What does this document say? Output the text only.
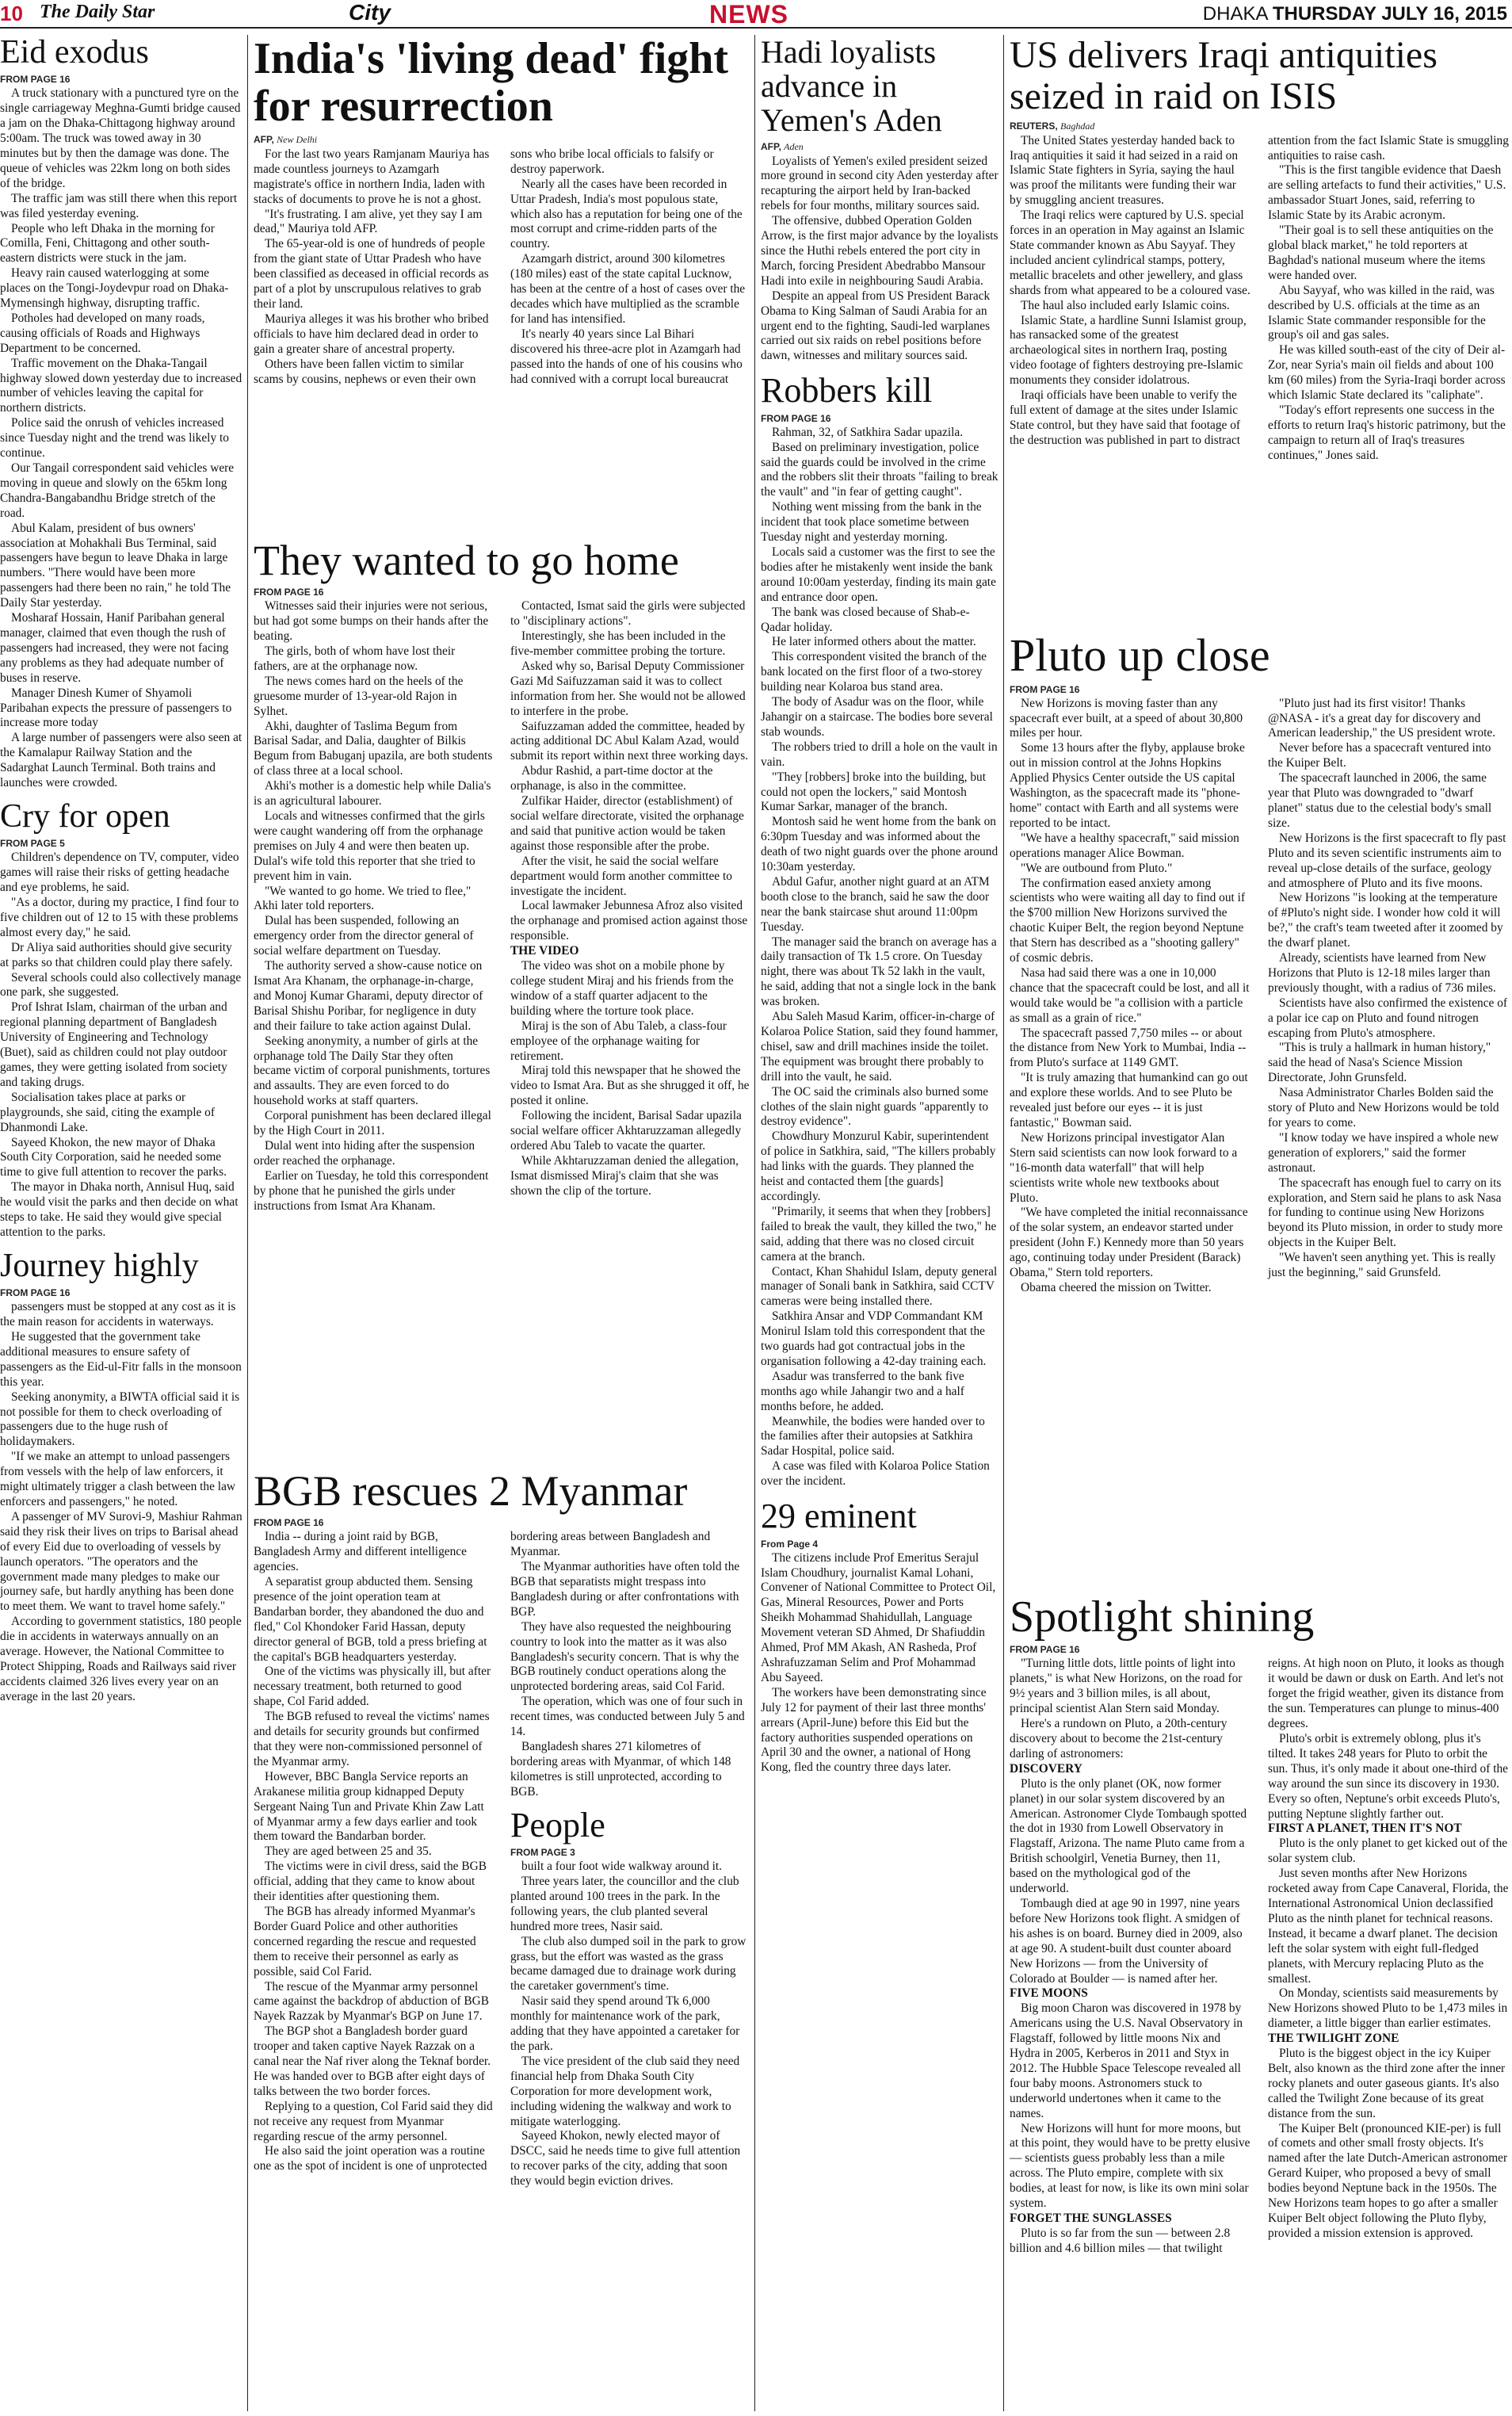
10 The Daily Star	City	NEWS	DHAKA THURSDAY JULY 16, 2015
Eid exodus
FROM PAGE 16

A truck stationary with a punctured tyre on the single carriageway Meghna-Gumti bridge caused a jam on the Dhaka-Chittagong highway around 5:00am. The truck was towed away in 30 minutes but by then the damage was done. The queue of vehicles was 22km long on both sides of the bridge.

The traffic jam was still there when this report was filed yesterday evening.

People who left Dhaka in the morning for Comilla, Feni, Chittagong and other south-eastern districts were stuck in the jam.

Heavy rain caused waterlogging at some places on the Tongi-Joydevpur road on Dhaka-Mymensingh highway, disrupting traffic.

Potholes had developed on many roads, causing officials of Roads and Highways Department to be concerned.

Traffic movement on the Dhaka-Tangail highway slowed down yesterday due to increased number of vehicles leaving the capital for northern districts.

Police said the onrush of vehicles increased since Tuesday night and the trend was likely to continue.

Our Tangail correspondent said vehicles were moving in queue and slowly on the 65km long Chandra-Bangabandhu Bridge stretch of the road.

Abul Kalam, president of bus owners' association at Mohakhali Bus Terminal, said passengers have begun to leave Dhaka in large numbers. "There would have been more passengers had there been no rain," he told The Daily Star yesterday.

Mosharaf Hossain, Hanif Paribahan general manager, claimed that even though the rush of passengers had increased, they were not facing any problems as they had adequate number of buses in reserve.

Manager Dinesh Kumer of Shyamoli Paribahan expects the pressure of passengers to increase more today

A large number of passengers were also seen at the Kamalapur Railway Station and the Sadarghat Launch Terminal. Both trains and launches were crowded.

Cry for open
FROM PAGE 5

Children's dependence on TV, computer, video games will raise their risks of getting headache and eye problems, he said.

"As a doctor, during my practice, I find four to five children out of 12 to 15 with these problems almost every day," he said.

Dr Aliya said authorities should give security at parks so that children could play there safely.

Several schools could also collectively manage one park, she suggested.

Prof Ishrat Islam, chairman of the urban and regional planning department of Bangladesh University of Engineering and Technology (Buet), said as children could not play outdoor games, they were getting isolated from society and taking drugs.

Socialisation takes place at parks or playgrounds, she said, citing the example of Dhanmondi Lake.

Sayeed Khokon, the new mayor of Dhaka South City Corporation, said he needed some time to give full attention to recover the parks.

The mayor in Dhaka north, Annisul Huq, said he would visit the parks and then decide on what steps to take. He said they would give special attention to the parks.

Journey highly
FROM PAGE 16

passengers must be stopped at any cost as it is the main reason for accidents in waterways.

He suggested that the government take additional measures to ensure safety of passengers as the Eid-ul-Fitr falls in the monsoon this year.

Seeking anonymity, a BIWTA official said it is not possible for them to check overloading of passengers due to the huge rush of holidaymakers.

"If we make an attempt to unload passengers from vessels with the help of law enforcers, it might ultimately trigger a clash between the law enforcers and passengers," he noted.

A passenger of MV Surovi-9, Mashiur Rahman said they risk their lives on trips to Barisal ahead of every Eid due to overloading of vessels by launch operators. "The operators and the government made many pledges to make our journey safe, but hardly anything has been done to meet them. We want to travel home safely."

According to government statistics, 180 people die in accidents in waterways annually on an average. However, the National Committee to Protect Shipping, Roads and Railways said river accidents claimed 326 lives every year on an average in the last 20 years.

India's 'living dead' fight for resurrection
AFP, New Delhi

For the last two years Ramjanam Mauriya has made countless journeys to Azamgarh magistrate's office in northern India, laden with stacks of documents to prove he is not a ghost.

"It's frustrating. I am alive, yet they say I am dead," Mauriya told AFP.

The 65-year-old is one of hundreds of people from the giant state of Uttar Pradesh who have been classified as deceased in official records as part of a plot by unscrupulous relatives to grab their land.

Mauriya alleges it was his brother who bribed officials to have him declared dead in order to gain a greater share of ancestral property.

Others have been fallen victim to similar scams by cousins, nephews or even their own sons who bribe local officials to falsify or destroy paperwork.

Nearly all the cases have been recorded in Uttar Pradesh, India's most populous state, which also has a reputation for being one of the most corrupt and crime-ridden parts of the country.

Azamgarh district, around 300 kilometres (180 miles) east of the state capital Lucknow, has been at the centre of a host of cases over the decades which have multiplied as the scramble for land has intensified.

It's nearly 40 years since Lal Bihari discovered his three-acre plot in Azamgarh had passed into the hands of one of his cousins who had connived with a corrupt local bureaucrat

They wanted to go home
FROM PAGE 16

Witnesses said their injuries were not serious, but had got some bumps on their hands after the beating.

The girls, both of whom have lost their fathers, are at the orphanage now.

The news comes hard on the heels of the gruesome murder of 13-year-old Rajon in Sylhet.

Akhi, daughter of Taslima Begum from Barisal Sadar, and Dalia, daughter of Bilkis Begum from Babuganj upazila, are both students of class three at a local school.

Akhi's mother is a domestic help while Dalia's is an agricultural labourer.

Locals and witnesses confirmed that the girls were caught wandering off from the orphanage premises on July 4 and were then beaten up. Dulal's wife told this reporter that she tried to prevent him in vain.

"We wanted to go home. We tried to flee," Akhi later told reporters.

Dulal has been suspended, following an emergency order from the director general of social welfare department on Tuesday.

The authority served a show-cause notice on Ismat Ara Khanam, the orphanage-in-charge, and Monoj Kumar Gharami, deputy director of Barisal Shishu Poribar, for negligence in duty and their failure to take action against Dulal.

Seeking anonymity, a number of girls at the orphanage told The Daily Star they often became victim of corporal punishments, tortures and assaults. They are even forced to do household works at staff quarters.

Corporal punishment has been declared illegal by the High Court in 2011.

Dulal went into hiding after the suspension order reached the orphanage.

Earlier on Tuesday, he told this correspondent by phone that he punished the girls under instructions from Ismat Ara Khanam.

Contacted, Ismat said the girls were subjected to "disciplinary actions".

Interestingly, she has been included in the five-member committee probing the torture.

Asked why so, Barisal Deputy Commissioner Gazi Md Saifuzzaman said it was to collect information from her. She would not be allowed to interfere in the probe.

Saifuzzaman added the committee, headed by acting additional DC Abul Kalam Azad, would submit its report within next three working days.

Abdur Rashid, a part-time doctor at the orphanage, is also in the committee.

Zulfikar Haider, director (establishment) of social welfare directorate, visited the orphanage and said that punitive action would be taken against those responsible after the probe.

After the visit, he said the social welfare department would form another committee to investigate the incident.

Local lawmaker Jebunnesa Afroz also visited the orphanage and promised action against those responsible.

THE VIDEO

The video was shot on a mobile phone by college student Miraj and his friends from the window of a staff quarter adjacent to the building where the torture took place.

Miraj is the son of Abu Taleb, a class-four employee of the orphanage waiting for retirement.

Miraj told this newspaper that he showed the video to Ismat Ara. But as she shrugged it off, he posted it online.

Following the incident, Barisal Sadar upazila social welfare officer Akhtaruzzaman allegedly ordered Abu Taleb to vacate the quarter.

While Akhtaruzzaman denied the allegation, Ismat dismissed Miraj's claim that she was shown the clip of the torture.

BGB rescues 2 Myanmar
FROM PAGE 16

India -- during a joint raid by BGB, Bangladesh Army and different intelligence agencies.

A separatist group abducted them. Sensing presence of the joint operation team at Bandarban border, they abandoned the duo and fled," Col Khondoker Farid Hassan, deputy director general of BGB, told a press briefing at the capital's BGB headquarters yesterday.

One of the victims was physically ill, but after necessary treatment, both returned to good shape, Col Farid added.

The BGB refused to reveal the victims' names and details for security grounds but confirmed that they were non-commissioned personnel of the Myanmar army.

However, BBC Bangla Service reports an Arakanese militia group kidnapped Deputy Sergeant Naing Tun and Private Khin Zaw Latt of Myanmar army a few days earlier and took them toward the Bandarban border.

They are aged between 25 and 35.

The victims were in civil dress, said the BGB official, adding that they came to know about their identities after questioning them.

The BGB has already informed Myanmar's Border Guard Police and other authorities concerned regarding the rescue and requested them to receive their personnel as early as possible, said Col Farid.

The rescue of the Myanmar army personnel came against the backdrop of abduction of BGB Nayek Razzak by Myanmar's BGP on June 17.

The BGP shot a Bangladesh border guard trooper and taken captive Nayek Razzak on a canal near the Naf river along the Teknaf border. He was handed over to BGB after eight days of talks between the two border forces.

Replying to a question, Col Farid said they did not receive any request from Myanmar regarding rescue of the army personnel.

He also said the joint operation was a routine one as the spot of incident is one of unprotected bordering areas between Bangladesh and Myanmar.

The Myanmar authorities have often told the BGB that separatists might trespass into Bangladesh during or after confrontations with BGP.

They have also requested the neighbouring country to look into the matter as it was also Bangladesh's security concern. That is why the BGB routinely conduct operations along the unprotected bordering areas, said Col Farid.

The operation, which was one of four such in recent times, was conducted between July 5 and 14.

Bangladesh shares 271 kilometres of bordering areas with Myanmar, of which 148 kilometres is still unprotected, according to BGB.

People
FROM PAGE 3

built a four foot wide walkway around it.

Three years later, the councillor and the club planted around 100 trees in the park. In the following years, the club planted several hundred more trees, Nasir said.

The club also dumped soil in the park to grow grass, but the effort was wasted as the grass became damaged due to drainage work during the caretaker government's time.

Nasir said they spend around Tk 6,000 monthly for maintenance work of the park, adding that they have appointed a caretaker for the park.

The vice president of the club said they need financial help from Dhaka South City Corporation for more development work, including widening the walkway and work to mitigate waterlogging.

Sayeed Khokon, newly elected mayor of DSCC, said he needs time to give full attention to recover parks of the city, adding that soon they would begin eviction drives.

Hadi loyalists advance in Yemen's Aden
AFP, Aden

Loyalists of Yemen's exiled president seized more ground in second city Aden yesterday after recapturing the airport held by Iran-backed rebels for four months, military sources said.

The offensive, dubbed Operation Golden Arrow, is the first major advance by the loyalists since the Huthi rebels entered the port city in March, forcing President Abedrabbo Mansour Hadi into exile in neighbouring Saudi Arabia.

Despite an appeal from US President Barack Obama to King Salman of Saudi Arabia for an urgent end to the fighting, Saudi-led warplanes carried out six raids on rebel positions before dawn, witnesses and military sources said.

Robbers kill
FROM PAGE 16

Rahman, 32, of Satkhira Sadar upazila.

Based on preliminary investigation, police said the guards could be involved in the crime and the robbers slit their throats "failing to break the vault" and "in fear of getting caught".

Nothing went missing from the bank in the incident that took place sometime between Tuesday night and yesterday morning.

Locals said a customer was the first to see the bodies after he mistakenly went inside the bank around 10:00am yesterday, finding its main gate and entrance door open.

The bank was closed because of Shab-e-Qadar holiday.

He later informed others about the matter.

This correspondent visited the branch of the bank located on the first floor of a two-storey building near Kolaroa bus stand area.

The body of Asadur was on the floor, while Jahangir on a staircase. The bodies bore several stab wounds.

The robbers tried to drill a hole on the vault in vain.

"They [robbers] broke into the building, but could not open the lockers," said Montosh Kumar Sarkar, manager of the branch.

Montosh said he went home from the bank on 6:30pm Tuesday and was informed about the death of two night guards over the phone around 10:30am yesterday.

Abdul Gafur, another night guard at an ATM booth close to the branch, said he saw the door near the bank staircase shut around 11:00pm Tuesday.

The manager said the branch on average has a daily transaction of Tk 1.5 crore. On Tuesday night, there was about Tk 52 lakh in the vault, he said, adding that not a single lock in the bank was broken.

Abu Saleh Masud Karim, officer-in-charge of Kolaroa Police Station, said they found hammer, chisel, saw and drill machines inside the toilet. The equipment was brought there probably to drill into the vault, he said.

The OC said the criminals also burned some clothes of the slain night guards "apparently to destroy evidence".

Chowdhury Monzurul Kabir, superintendent of police in Satkhira, said, "The killers probably had links with the guards. They planned the heist and contacted them [the guards] accordingly.

"Primarily, it seems that when they [robbers] failed to break the vault, they killed the two," he said, adding that there was no closed circuit camera at the branch.

Contact, Khan Shahidul Islam, deputy general manager of Sonali bank in Satkhira, said CCTV cameras were being installed there.

Satkhira Ansar and VDP Commandant KM Monirul Islam told this correspondent that the two guards had got contractual jobs in the organisation following a 42-day training each.

Asadur was transferred to the bank five months ago while Jahangir two and a half months before, he added.

Meanwhile, the bodies were handed over to the families after their autopsies at Satkhira Sadar Hospital, police said.

A case was filed with Kolaroa Police Station over the incident.

29 eminent
From Page 4

The citizens include Prof Emeritus Serajul Islam Choudhury, journalist Kamal Lohani, Convener of National Committee to Protect Oil, Gas, Mineral Resources, Power and Ports Sheikh Mohammad Shahidullah, Language Movement veteran SD Ahmed, Dr Shafiuddin Ahmed, Prof MM Akash, AN Rasheda, Prof Ashrafuzzaman Selim and Prof Mohammad Abu Sayeed.

The workers have been demonstrating since July 12 for payment of their last three months' arrears (April-June) before this Eid but the factory authorities suspended operations on April 30 and the owner, a national of Hong Kong, fled the country three days later.

US delivers Iraqi antiquities seized in raid on ISIS
REUTERS, Baghdad

The United States yesterday handed back to Iraq antiquities it said it had seized in a raid on Islamic State fighters in Syria, saying the haul was proof the militants were funding their war by smuggling ancient treasures.

The Iraqi relics were captured by U.S. special forces in an operation in May against an Islamic State commander known as Abu Sayyaf. They included ancient cylindrical stamps, pottery, metallic bracelets and other jewellery, and glass shards from what appeared to be a coloured vase.

The haul also included early Islamic coins.

Islamic State, a hardline Sunni Islamist group, has ransacked some of the greatest archaeological sites in northern Iraq, posting video footage of fighters destroying pre-Islamic monuments they consider idolatrous.

Iraqi officials have been unable to verify the full extent of damage at the sites under Islamic State control, but they have said that footage of the destruction was published in part to distract attention from the fact Islamic State is smuggling antiquities to raise cash.

"This is the first tangible evidence that Daesh are selling artefacts to fund their activities," U.S. ambassador Stuart Jones, said, referring to Islamic State by its Arabic acronym.

"Their goal is to sell these antiquities on the global black market," he told reporters at Baghdad's national museum where the items were handed over.

Abu Sayyaf, who was killed in the raid, was described by U.S. officials at the time as an Islamic State commander responsible for the group's oil and gas sales.

He was killed south-east of the city of Deir al-Zor, near Syria's main oil fields and about 100 km (60 miles) from the Syria-Iraqi border across which Islamic State declared its "caliphate".

"Today's effort represents one success in the efforts to return Iraq's historic patrimony, but the campaign to return all of Iraq's treasures continues," Jones said.

Pluto up close
FROM PAGE 16

New Horizons is moving faster than any spacecraft ever built, at a speed of about 30,800 miles per hour.

Some 13 hours after the flyby, applause broke out in mission control at the Johns Hopkins Applied Physics Center outside the US capital Washington, as the spacecraft made its "phone-home" contact with Earth and all systems were reported to be intact.

"We have a healthy spacecraft," said mission operations manager Alice Bowman.

"We are outbound from Pluto."

The confirmation eased anxiety among scientists who were waiting all day to find out if the $700 million New Horizons survived the chaotic Kuiper Belt, the region beyond Neptune that Stern has described as a "shooting gallery" of cosmic debris.

Nasa had said there was a one in 10,000 chance that the spacecraft could be lost, and all it would take would be "a collision with a particle as small as a grain of rice."

The spacecraft passed 7,750 miles -- or about the distance from New York to Mumbai, India -- from Pluto's surface at 1149 GMT.

"It is truly amazing that humankind can go out and explore these worlds. And to see Pluto be revealed just before our eyes -- it is just fantastic," Bowman said.

New Horizons principal investigator Alan Stern said scientists can now look forward to a "16-month data waterfall" that will help scientists write whole new textbooks about Pluto.

"We have completed the initial reconnaissance of the solar system, an endeavor started under president (John F.) Kennedy more than 50 years ago, continuing today under President (Barack) Obama," Stern told reporters.

Obama cheered the mission on Twitter.

"Pluto just had its first visitor! Thanks @NASA - it's a great day for discovery and American leadership," the US president wrote.

Never before has a spacecraft ventured into the Kuiper Belt.

The spacecraft launched in 2006, the same year that Pluto was downgraded to "dwarf planet" status due to the celestial body's small size.

New Horizons is the first spacecraft to fly past Pluto and its seven scientific instruments aim to reveal up-close details of the surface, geology and atmosphere of Pluto and its five moons.

New Horizons "is looking at the temperature of #Pluto's night side. I wonder how cold it will be?," the craft's team tweeted after it zoomed by the dwarf planet.

Already, scientists have learned from New Horizons that Pluto is 12-18 miles larger than previously thought, with a radius of 736 miles.

Scientists have also confirmed the existence of a polar ice cap on Pluto and found nitrogen escaping from Pluto's atmosphere.

"This is truly a hallmark in human history," said the head of Nasa's Science Mission Directorate, John Grunsfeld.

Nasa Administrator Charles Bolden said the story of Pluto and New Horizons would be told for years to come.

"I know today we have inspired a whole new generation of explorers," said the former astronaut.

The spacecraft has enough fuel to carry on its exploration, and Stern said he plans to ask Nasa for funding to continue using New Horizons beyond its Pluto mission, in order to study more objects in the Kuiper Belt.

"We haven't seen anything yet. This is really just the beginning," said Grunsfeld.

Spotlight shining
FROM PAGE 16

"Turning little dots, little points of light into planets," is what New Horizons, on the road for 9½ years and 3 billion miles, is all about, principal scientist Alan Stern said Monday.

Here's a rundown on Pluto, a 20th-century discovery about to become the 21st-century darling of astronomers:

DISCOVERY

Pluto is the only planet (OK, now former planet) in our solar system discovered by an American. Astronomer Clyde Tombaugh spotted the dot in 1930 from Lowell Observatory in Flagstaff, Arizona. The name Pluto came from a British schoolgirl, Venetia Burney, then 11, based on the mythological god of the underworld.

Tombaugh died at age 90 in 1997, nine years before New Horizons took flight. A smidgen of his ashes is on board. Burney died in 2009, also at age 90. A student-built dust counter aboard New Horizons — from the University of Colorado at Boulder — is named after her.

FIVE MOONS

Big moon Charon was discovered in 1978 by Americans using the U.S. Naval Observatory in Flagstaff, followed by little moons Nix and Hydra in 2005, Kerberos in 2011 and Styx in 2012. The Hubble Space Telescope revealed all four baby moons. Astronomers stuck to underworld undertones when it came to the names.

New Horizons will hunt for more moons, but at this point, they would have to be pretty elusive — scientists guess probably less than a mile across. The Pluto empire, complete with six bodies, at least for now, is like its own mini solar system.

FORGET THE SUNGLASSES

Pluto is so far from the sun — between 2.8 billion and 4.6 billion miles — that twilight reigns. At high noon on Pluto, it looks as though it would be dawn or dusk on Earth. And let's not forget the frigid weather, given its distance from the sun. Temperatures can plunge to minus-400 degrees.

Pluto's orbit is extremely oblong, plus it's tilted. It takes 248 years for Pluto to orbit the sun. Thus, it's only made it about one-third of the way around the sun since its discovery in 1930. Every so often, Neptune's orbit exceeds Pluto's, putting Neptune slightly farther out.

FIRST A PLANET, THEN IT'S NOT

Pluto is the only planet to get kicked out of the solar system club.

Just seven months after New Horizons rocketed away from Cape Canaveral, Florida, the International Astronomical Union declassified Pluto as the ninth planet for technical reasons. Instead, it became a dwarf planet. The decision left the solar system with eight full-fledged planets, with Mercury replacing Pluto as the smallest.

On Monday, scientists said measurements by New Horizons showed Pluto to be 1,473 miles in diameter, a little bigger than earlier estimates.

THE TWILIGHT ZONE

Pluto is the biggest object in the icy Kuiper Belt, also known as the third zone after the inner rocky planets and outer gaseous giants. It's also called the Twilight Zone because of its great distance from the sun.

The Kuiper Belt (pronounced KIE-per) is full of comets and other small frosty objects. It's named after the late Dutch-American astronomer Gerard Kuiper, who proposed a bevy of small bodies beyond Neptune back in the 1950s. The New Horizons team hopes to go after a smaller Kuiper Belt object following the Pluto flyby, provided a mission extension is approved.
